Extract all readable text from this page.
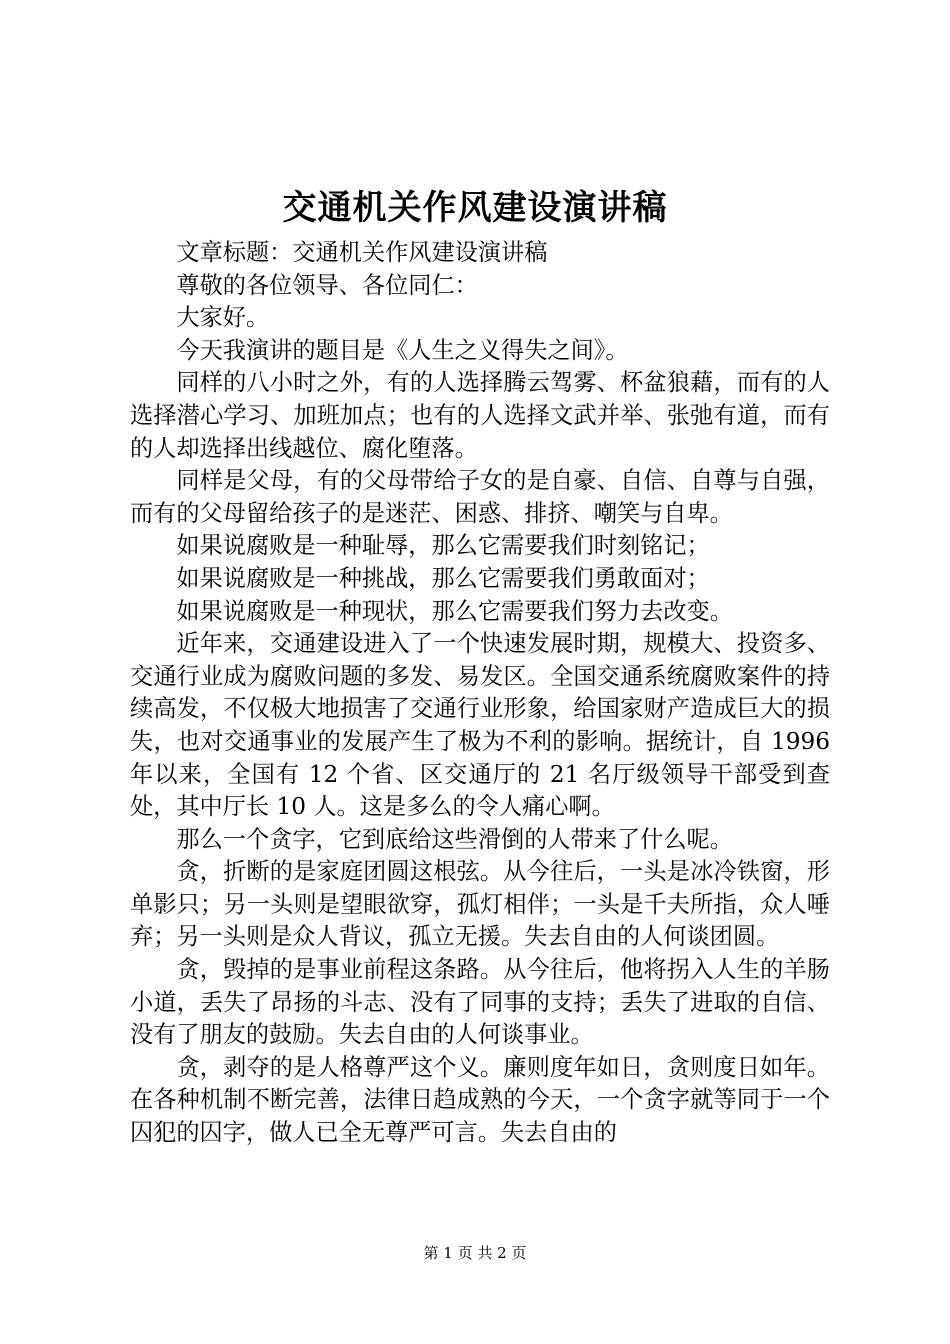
交通机关作风建设演讲稿

文章标题：交通机关作风建设演讲稿

尊敬的各位领导、各位同仁：

大家好。

今天我演讲的题目是《人生之义得失之间》。

同样的八小时之外，有的人选择腾云驾雾、杯盆狼藉，而有的人选择潜心学习、加班加点；也有的人选择文武并举、张弛有道，而有的人却选择出线越位、腐化堕落。

同样是父母，有的父母带给子女的是自豪、自信、自尊与自强，而有的父母留给孩子的是迷茫、困惑、排挤、嘲笑与自卑。

如果说腐败是一种耻辱，那么它需要我们时刻铭记；

如果说腐败是一种挑战，那么它需要我们勇敢面对；

如果说腐败是一种现状，那么它需要我们努力去改变。

近年来，交通建设进入了一个快速发展时期，规模大、投资多、交通行业成为腐败问题的多发、易发区。全国交通系统腐败案件的持续高发，不仅极大地损害了交通行业形象，给国家财产造成巨大的损失，也对交通事业的发展产生了极为不利的影响。据统计，自 1996 年以来，全国有 12 个省、区交通厅的 21 名厅级领导干部受到查处，其中厅长 10 人。这是多么的令人痛心啊。

那么一个贪字，它到底给这些滑倒的人带来了什么呢。

贪，折断的是家庭团圆这根弦。从今往后，一头是冰冷铁窗，形单影只；另一头则是望眼欲穿，孤灯相伴；一头是千夫所指，众人唾弃；另一头则是众人背议，孤立无援。失去自由的人何谈团圆。

贪，毁掉的是事业前程这条路。从今往后，他将拐入人生的羊肠小道，丢失了昂扬的斗志、没有了同事的支持；丢失了进取的自信、没有了朋友的鼓励。失去自由的人何谈事业。

贪，剥夺的是人格尊严这个义。廉则度年如日，贪则度日如年。在各种机制不断完善，法律日趋成熟的今天，一个贪字就等同于一个囚犯的囚字，做人已全无尊严可言。失去自由的

第 1 页 共 2 页
